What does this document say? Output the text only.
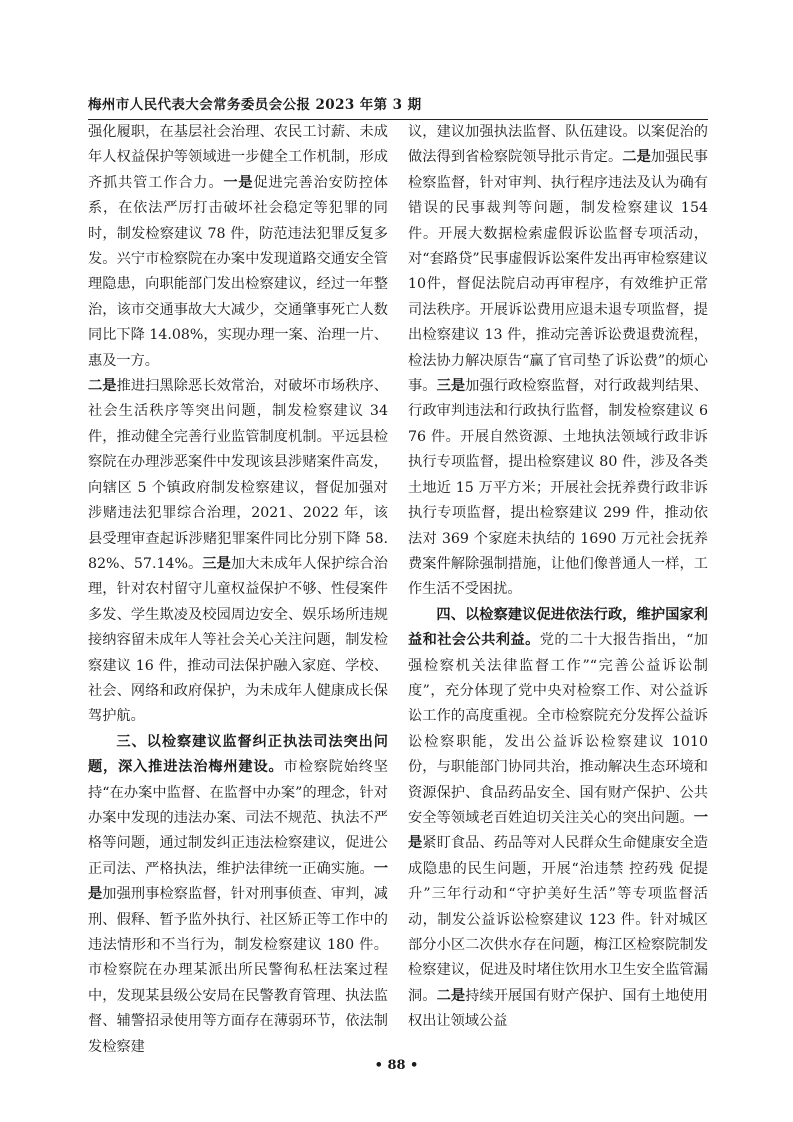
梅州市人民代表大会常务委员会公报 2023 年第 3 期

强化履职，在基层社会治理、农民工讨薪、未成年人权益保护等领域进一步健全工作机制，形成齐抓共管工作合力。一是促进完善治安防控体系，在依法严厉打击破坏社会稳定等犯罪的同时，制发检察建议 78 件，防范违法犯罪反复多发。兴宁市检察院在办案中发现道路交通安全管理隐患，向职能部门发出检察建议，经过一年整治，该市交通事故大大减少，交通肇事死亡人数同比下降 14.08%，实现办理一案、治理一片、惠及一方。

二是推进扫黑除恶长效常治，对破坏市场秩序、社会生活秩序等突出问题，制发检察建议 34 件，推动健全完善行业监管制度机制。平远县检察院在办理涉恶案件中发现该县涉赌案件高发，向辖区 5 个镇政府制发检察建议，督促加强对涉赌违法犯罪综合治理，2021、2022 年，该县受理审查起诉涉赌犯罪案件同比分别下降 58.82%、57.14%。三是加大未成年人保护综合治理，针对农村留守儿童权益保护不够、性侵案件多发、学生欺凌及校园周边安全、娱乐场所违规接纳容留未成年人等社会关心关注问题，制发检察建议 16 件，推动司法保护融入家庭、学校、社会、网络和政府保护，为未成年人健康成长保驾护航。

三、以检察建议监督纠正执法司法突出问题，深入推进法治梅州建设。市检察院始终坚持“在办案中监督、在监督中办案”的理念，针对办案中发现的违法办案、司法不规范、执法不严格等问题，通过制发纠正违法检察建议，促进公正司法、严格执法，维护法律统一正确实施。一是加强刑事检察监督，针对刑事侦查、审判，减刑、假释、暂予监外执行、社区矫正等工作中的违法情形和不当行为，制发检察建议 180 件。市检察院在办理某派出所民警徇私枉法案过程中，发现某县级公安局在民警教育管理、执法监督、辅警招录使用等方面存在薄弱环节，依法制发检察建

议，建议加强执法监督、队伍建设。以案促治的做法得到省检察院领导批示肯定。二是加强民事检察监督，针对审判、执行程序违法及认为确有错误的民事裁判等问题，制发检察建议 154 件。开展大数据检索虚假诉讼监督专项活动，对“套路贷”民事虚假诉讼案件发出再审检察建议10件，督促法院启动再审程序，有效维护正常司法秩序。开展诉讼费用应退未退专项监督，提出检察建议 13 件，推动完善诉讼费退费流程，检法协力解决原告“赢了官司垫了诉讼费”的烦心事。三是加强行政检察监督，对行政裁判结果、行政审判违法和行政执行监督，制发检察建议 676 件。开展自然资源、土地执法领域行政非诉执行专项监督，提出检察建议 80 件，涉及各类土地近 15 万平方米；开展社会抚养费行政非诉执行专项监督，提出检察建议 299 件，推动依法对 369 个家庭未执结的 1690 万元社会抚养费案件解除强制措施，让他们像普通人一样，工作生活不受困扰。

四、以检察建议促进依法行政，维护国家利益和社会公共利益。党的二十大报告指出，“加强检察机关法律监督工作”“完善公益诉讼制度”，充分体现了党中央对检察工作、对公益诉讼工作的高度重视。全市检察院充分发挥公益诉讼检察职能，发出公益诉讼检察建议 1010 份，与职能部门协同共治，推动解决生态环境和资源保护、食品药品安全、国有财产保护、公共安全等领域老百姓迫切关注关心的突出问题。一是紧盯食品、药品等对人民群众生命健康安全造成隐患的民生问题，开展“治违禁 控药残 促提升”三年行动和“守护美好生活”等专项监督活动，制发公益诉讼检察建议 123 件。针对城区部分小区二次供水存在问题，梅江区检察院制发检察建议，促进及时堵住饮用水卫生安全监管漏洞。二是持续开展国有财产保护、国有土地使用权出让领域公益

• 88 •
